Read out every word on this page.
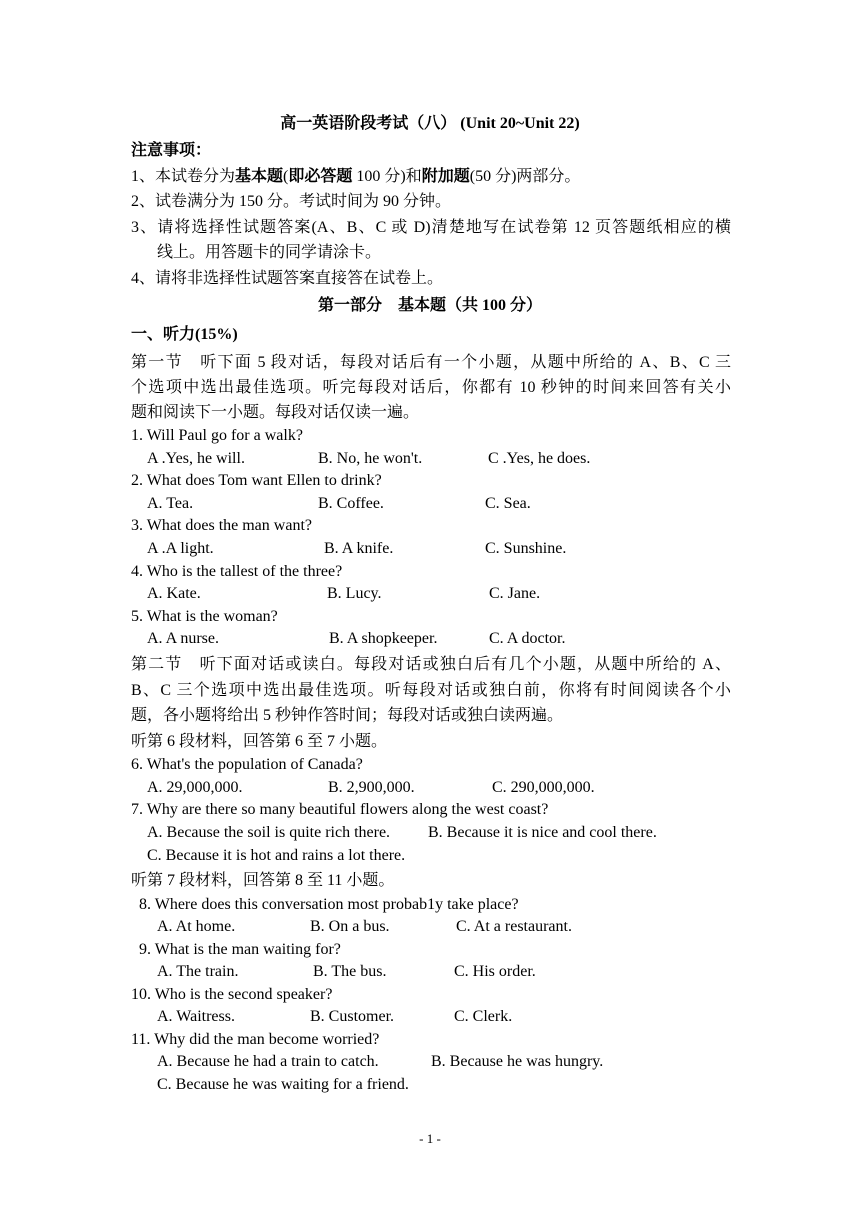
高一英语阶段考试（八） (Unit 20~Unit 22)
注意事项：
1、本试卷分为基本题(即必答题 100 分)和附加题(50 分)两部分。
2、试卷满分为 150 分。考试时间为 90 分钟。
3、请将选择性试题答案(A、B、C 或 D)清楚地写在试卷第 12 页答题纸相应的横
线上。用答题卡的同学请涂卡。
4、请将非选择性试题答案直接答在试卷上。
第一部分　基本题（共 100 分）
一、听力(15%)
第一节　听下面 5 段对话，每段对话后有一个小题，从题中所给的 A、B、C 三
个选项中选出最佳选项。听完每段对话后，你都有 10 秒钟的时间来回答有关小
题和阅读下一小题。每段对话仅读一遍。
1. Will Paul go for a walk?
A .Yes, he will.	B. No, he won't.	C .Yes, he does.
2. What does Tom want Ellen to drink?
A. Tea.	B. Coffee.	C. Sea.
3. What does the man want?
A .A light.	B. A knife.	C. Sunshine.
4. Who is the tallest of the three?
A. Kate.	B. Lucy.	C. Jane.
5. What is the woman?
A. A nurse.	B. A shopkeeper.	C. A doctor.
第二节　听下面对话或读白。每段对话或独白后有几个小题，从题中所给的 A、
B、C 三个选项中选出最佳选项。听每段对话或独白前，你将有时间阅读各个小
题，各小题将给出 5 秒钟作答时间；每段对话或独白读两遍。
听第 6 段材料，回答第 6 至 7 小题。
6. What's the population of Canada?
A. 29,000,000.	B. 2,900,000.	C. 290,000,000.
7. Why are there so many beautiful flowers along the west coast?
A. Because the soil is quite rich there. B. Because it is nice and cool there.
C. Because it is hot and rains a lot there.
听第 7 段材料，回答第 8 至 11 小题。
8. Where does this conversation most probab1y take place?
A. At home.	B. On a bus.	C. At a restaurant.
9. What is the man waiting for?
A. The train.	B. The bus.	C. His order.
10. Who is the second speaker?
A. Waitress.	B. Customer.	C. Clerk.
11. Why did the man become worried?
A. Because he had a train to catch.	B. Because he was hungry.
C. Because he was waiting for a friend.
- 1 -
